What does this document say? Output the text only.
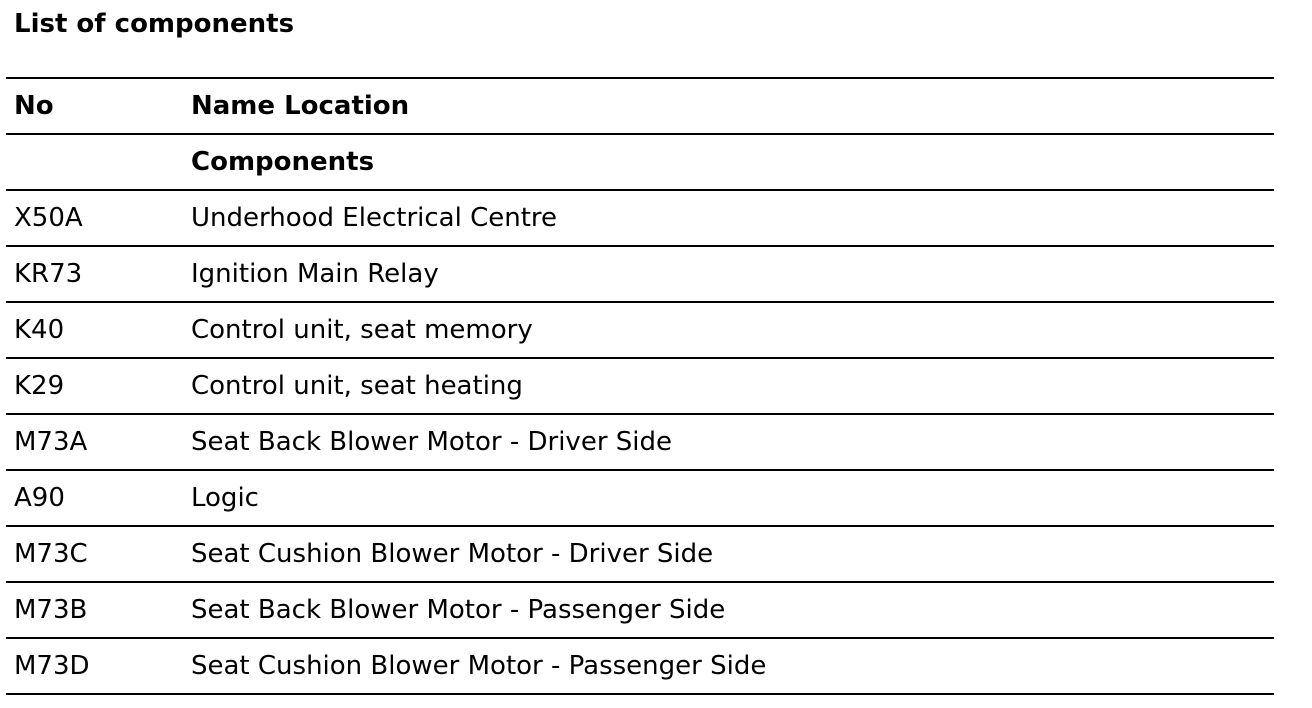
List of components
No	Name Location
Components
X50A	Underhood Electrical Centre
KR73	Ignition Main Relay
K40	Control unit, seat memory
K29	Control unit, seat heating
M73A	Seat Back Blower Motor - Driver Side
A90	Logic
M73C	Seat Cushion Blower Motor - Driver Side
M73B	Seat Back Blower Motor - Passenger Side
M73D	Seat Cushion Blower Motor - Passenger Side
